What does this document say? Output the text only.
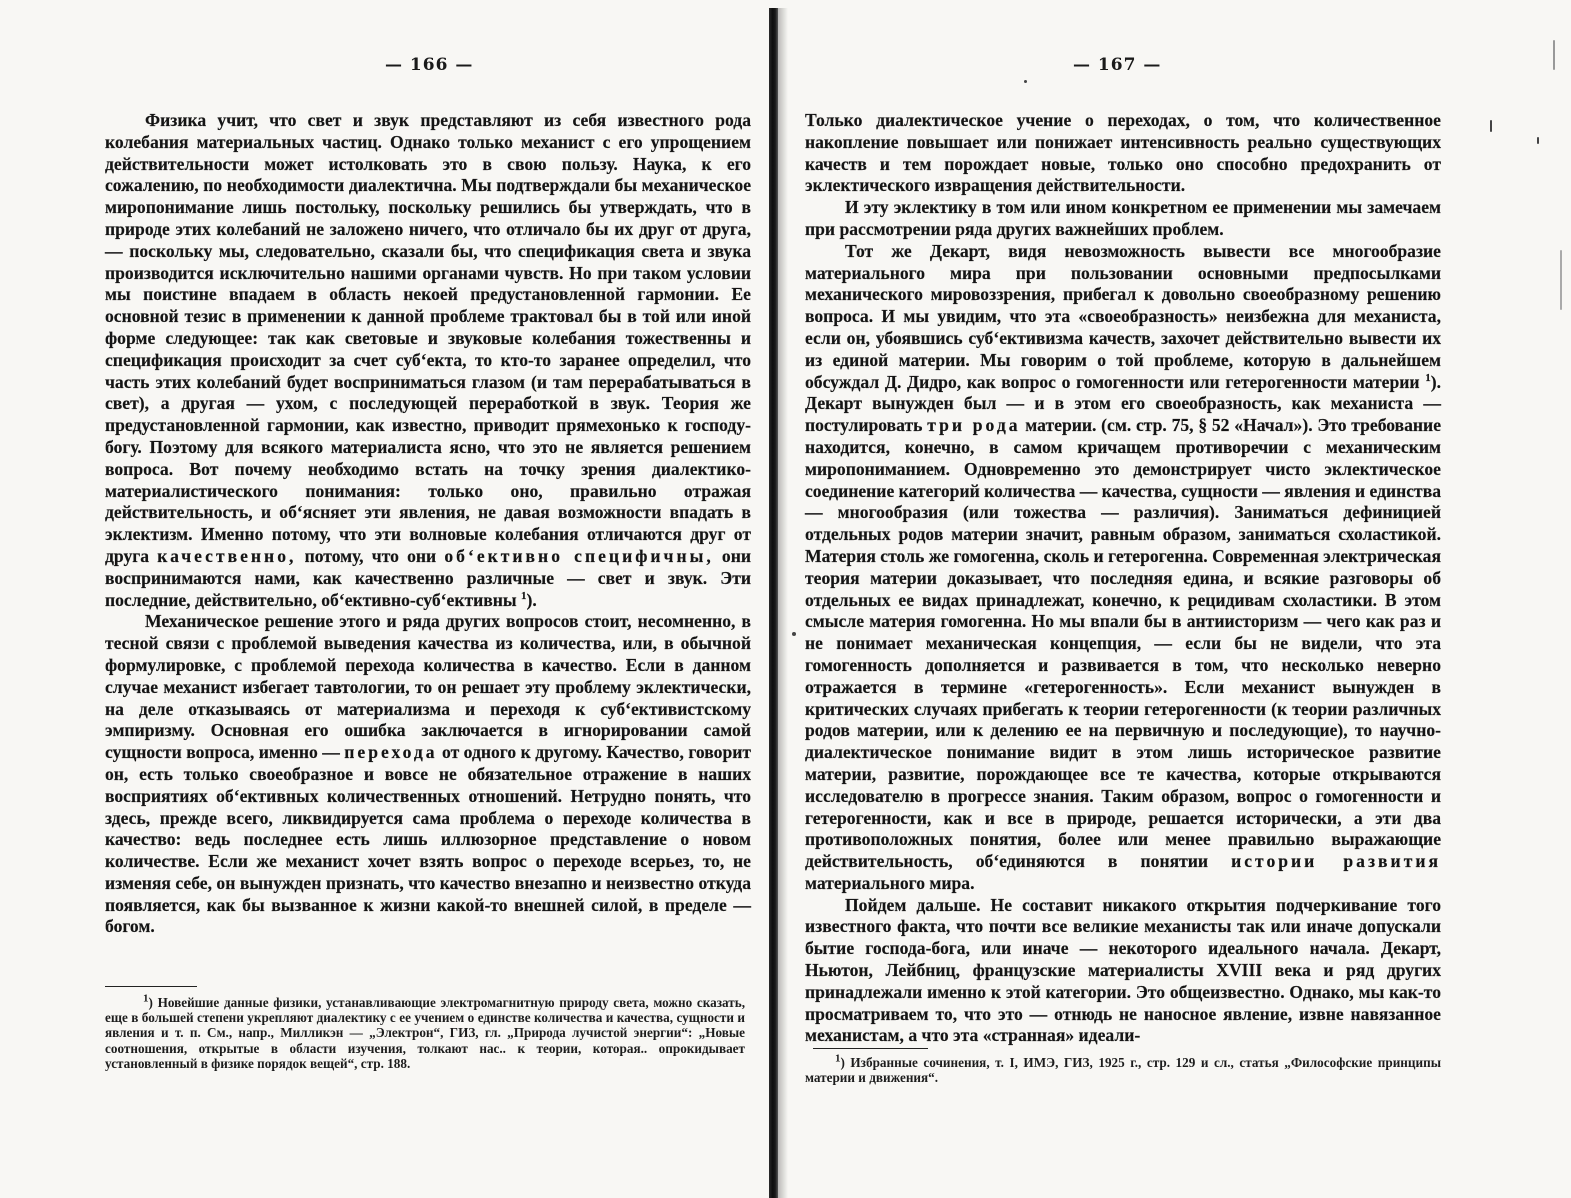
— 166 —

Физика учит, что свет и звук представляют из себя известного рода колебания материальных частиц. Однако только механист с его упрощением действительности может истолковать это в свою пользу. Наука, к его сожалению, по необходимости диалектична. Мы подтверждали бы механическое миропонимание лишь постольку, поскольку решились бы утверждать, что в природе этих колебаний не заложено ничего, что отличало бы их друг от друга, — поскольку мы, следовательно, сказали бы, что спецификация света и звука производится исключительно нашими органами чувств. Но при таком условии мы поистине впадаем в область некоей предустановленной гармонии. Ее основной тезис в применении к данной проблеме трактовал бы в той или иной форме следующее: так как световые и звуковые колебания тожественны и спецификация происходит за счет суб‘екта, то кто-то заранее определил, что часть этих колебаний будет восприниматься глазом (и там перерабатываться в свет), а другая — ухом, с последующей переработкой в звук. Теория же предустановленной гармонии, как известно, приводит прямехонько к господу-богу. Поэтому для всякого материалиста ясно, что это не является решением вопроса. Вот почему необходимо встать на точку зрения диалектико-материалистического понимания: только оно, правильно отражая действительность, и об‘ясняет эти явления, не давая возможности впадать в эклектизм. Именно потому, что эти волновые колебания отличаются друг от друга качественно, потому, что они об‘ективно специфичны, они воспринимаются нами, как качественно различные — свет и звук. Эти последние, действительно, об‘ективно-суб‘ективны $^1$).

Механическое решение этого и ряда других вопросов стоит, несомненно, в тесной связи с проблемой выведения качества из количества, или, в обычной формулировке, с проблемой перехода количества в качество. Если в данном случае механист избегает тавтологии, то он решает эту проблему эклектически, на деле отказываясь от материализма и переходя к суб‘ективистскому эмпиризму. Основная его ошибка заключается в игнорировании самой сущности вопроса, именно — перехода от одного к другому. Качество, говорит он, есть только своеобразное и вовсе не обязательное отражение в наших восприятиях об‘ективных количественных отношений. Нетрудно понять, что здесь, прежде всего, ликвидируется сама проблема о переходе количества в качество: ведь последнее есть лишь иллюзорное представление о новом количестве. Если же механист хочет взять вопрос о переходе всерьез, то, не изменяя себе, он вынужден признать, что качество внезапно и неизвестно откуда появляется, как бы вызванное к жизни какой-то внешней силой, в пределе — богом.

$^1$) Новейшие данные физики, устанавливающие электромагнитную природу света, можно сказать, еще в большей степени укрепляют диалектику с ее учением о единстве количества и качества, сущности и явления и т. п. См., напр., Милликэн — „Электрон“, ГИЗ, гл. „Природа лучистой энергии“: „Новые соотношения, открытые в области изучения, толкают нас.. к теории, которая.. опрокидывает установленный в физике порядок вещей“, стр. 188.
— 167 —

Только диалектическое учение о переходах, о том, что количественное накопление повышает или понижает интенсивность реально существующих качеств и тем порождает новые, только оно способно предохранить от эклектического извращения действительности.

И эту эклектику в том или ином конкретном ее применении мы замечаем при рассмотрении ряда других важнейших проблем.

Тот же Декарт, видя невозможность вывести все многообразие материального мира при пользовании основными предпосылками механического мировоззрения, прибегал к довольно своеобразному решению вопроса. И мы увидим, что эта «своеобразность» неизбежна для механиста, если он, убоявшись суб‘ективизма качеств, захочет действительно вывести их из единой материи. Мы говорим о той проблеме, которую в дальнейшем обсуждал Д. Дидро, как вопрос о гомогенности или гетерогенности материи $^1$). Декарт вынужден был — и в этом его своеобразность, как механиста — постулировать три рода материи. (см. стр. 75, § 52 «Начал»). Это требование находится, конечно, в самом кричащем противоречии с механическим миропониманием. Одновременно это демонстрирует чисто эклектическое соединение категорий количества — качества, сущности — явления и единства — многообразия (или тожества — различия). Заниматься дефиницией отдельных родов материи значит, равным образом, заниматься схоластикой. Материя столь же гомогенна, сколь и гетерогенна. Современная электрическая теория материи доказывает, что последняя едина, и всякие разговоры об отдельных ее видах принадлежат, конечно, к рецидивам схоластики. В этом смысле материя гомогенна. Но мы впали бы в антиисторизм — чего как раз и не понимает механическая концепция, — если бы не видели, что эта гомогенность дополняется и развивается в том, что несколько неверно отражается в термине «гетерогенность». Если механист вынужден в критических случаях прибегать к теории гетерогенности (к теории различных родов материи, или к делению ее на первичную и последующие), то научно-диалектическое понимание видит в этом лишь историческое развитие материи, развитие, порождающее все те качества, которые открываются исследователю в прогрессе знания. Таким образом, вопрос о гомогенности и гетерогенности, как и все в природе, решается исторически, а эти два противоположных понятия, более или менее правильно выражающие действительность, об‘единяются в понятии истории развития материального мира.

Пойдем дальше. Не составит никакого открытия подчеркивание того известного факта, что почти все великие механисты так или иначе допускали бытие господа-бога, или иначе — некоторого идеального начала. Декарт, Ньютон, Лейбниц, французские материалисты XVIII века и ряд других принадлежали именно к этой категории. Это общеизвестно. Однако, мы как-то просматриваем то, что это — отнюдь не наносное явление, извне навязанное механистам, а что эта «странная» идеали-

$^1$) Избранные сочинения, т. I, ИМЭ, ГИЗ, 1925 г., стр. 129 и сл., статья „Философские принципы материи и движения“.
